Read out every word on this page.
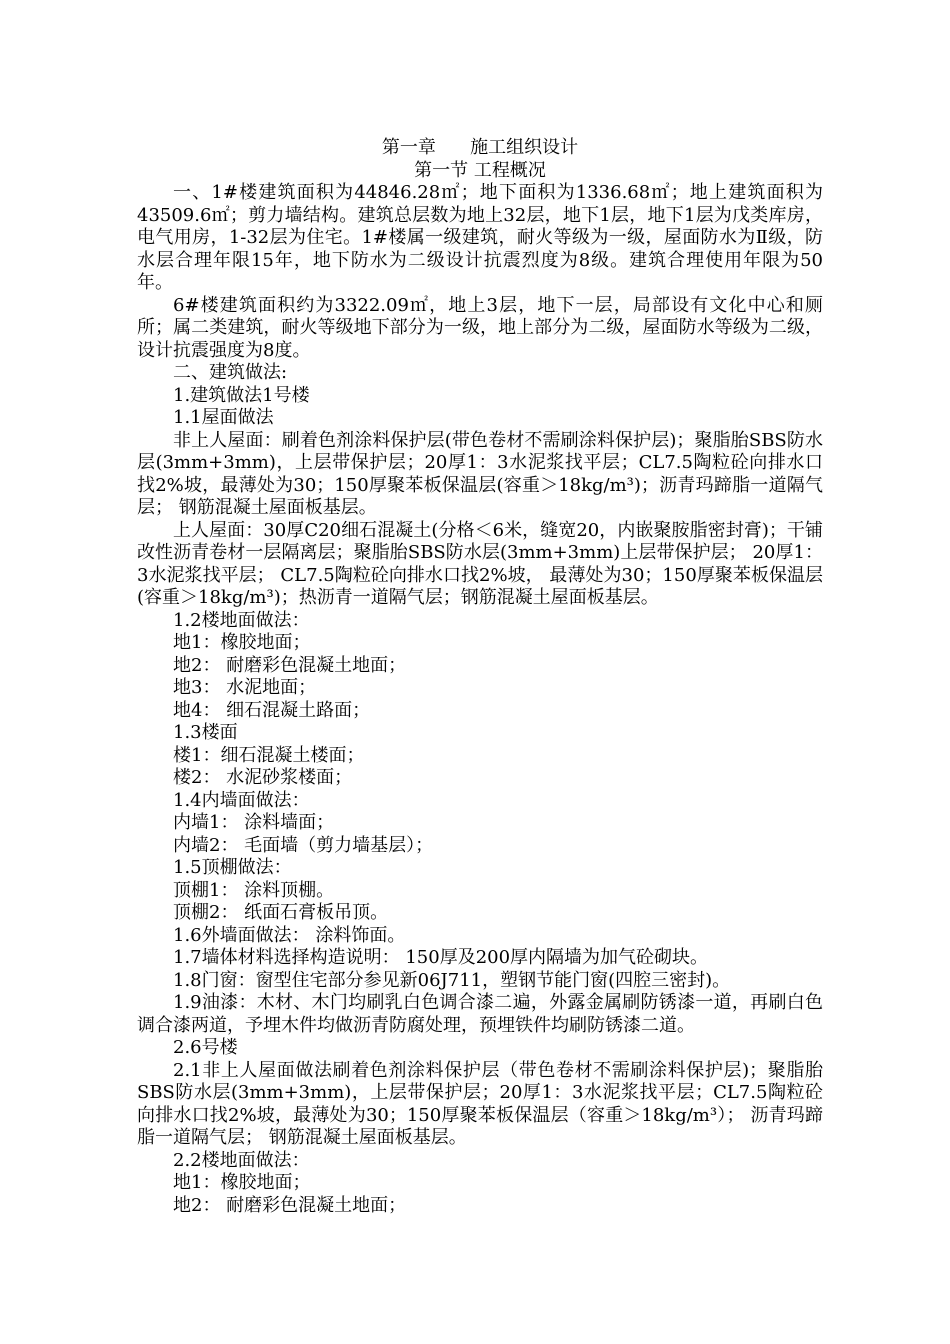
第一章      施工组织设计

第一节 工程概况

一、1#楼建筑面积为44846.28㎡；地下面积为1336.68㎡；地上建筑面积为43509.6㎡；剪力墙结构。建筑总层数为地上32层，地下1层，地下1层为戊类库房，电气用房，1-32层为住宅。1#楼属一级建筑，耐火等级为一级，屋面防水为Ⅱ级，防水层合理年限15年，地下防水为二级设计抗震烈度为8级。建筑合理使用年限为50年。

6#楼建筑面积约为3322.09㎡，地上3层，地下一层，局部设有文化中心和厕所；属二类建筑，耐火等级地下部分为一级，地上部分为二级，屋面防水等级为二级， 设计抗震强度为8度。

二、建筑做法:

1.建筑做法1号楼

1.1屋面做法

非上人屋面：刷着色剂涂料保护层(带色卷材不需刷涂料保护层)；聚脂胎SBS防水层(3mm+3mm)，上层带保护层；20厚1：3水泥浆找平层；CL7.5陶粒砼向排水口找2%坡，最薄处为30；150厚聚苯板保温层(容重＞18kg/m³)；沥青玛蹄脂一道隔气层； 钢筋混凝土屋面板基层。

上人屋面：30厚C20细石混凝土(分格＜6米，缝宽20，内嵌聚胺脂密封膏)；干铺改性沥青卷材一层隔离层；聚脂胎SBS防水层(3mm+3mm)上层带保护层； 20厚1： 3水泥浆找平层； CL7.5陶粒砼向排水口找2%坡， 最薄处为30；150厚聚苯板保温层(容重＞18kg/m³)；热沥青一道隔气层；钢筋混凝土屋面板基层。

1.2楼地面做法：

地1：橡胶地面；

地2： 耐磨彩色混凝土地面；

地3： 水泥地面；

地4： 细石混凝土路面；

1.3楼面

楼1：细石混凝土楼面；

楼2： 水泥砂浆楼面；

1.4内墙面做法：

内墙1： 涂料墙面；

内墙2： 毛面墙（剪力墙基层）；

1.5顶棚做法：

顶棚1： 涂料顶棚。

顶棚2： 纸面石膏板吊顶。

1.6外墙面做法： 涂料饰面。

1.7墙体材料选择构造说明： 150厚及200厚内隔墙为加气砼砌块。

1.8门窗：窗型住宅部分参见新06J711，塑钢节能门窗(四腔三密封)。

1.9油漆：木材、木门均刷乳白色调合漆二遍，外露金属刷防锈漆一道，再刷白色调合漆两道，予埋木件均做沥青防腐处理，预埋铁件均刷防锈漆二道。

2.6号楼

2.1非上人屋面做法刷着色剂涂料保护层（带色卷材不需刷涂料保护层)；聚脂胎SBS防水层(3mm+3mm)，上层带保护层；20厚1：3水泥浆找平层；CL7.5陶粒砼向排水口找2%坡，最薄处为30；150厚聚苯板保温层（容重＞18kg/m³）； 沥青玛蹄脂一道隔气层； 钢筋混凝土屋面板基层。

2.2楼地面做法：

地1：橡胶地面；

地2： 耐磨彩色混凝土地面；
